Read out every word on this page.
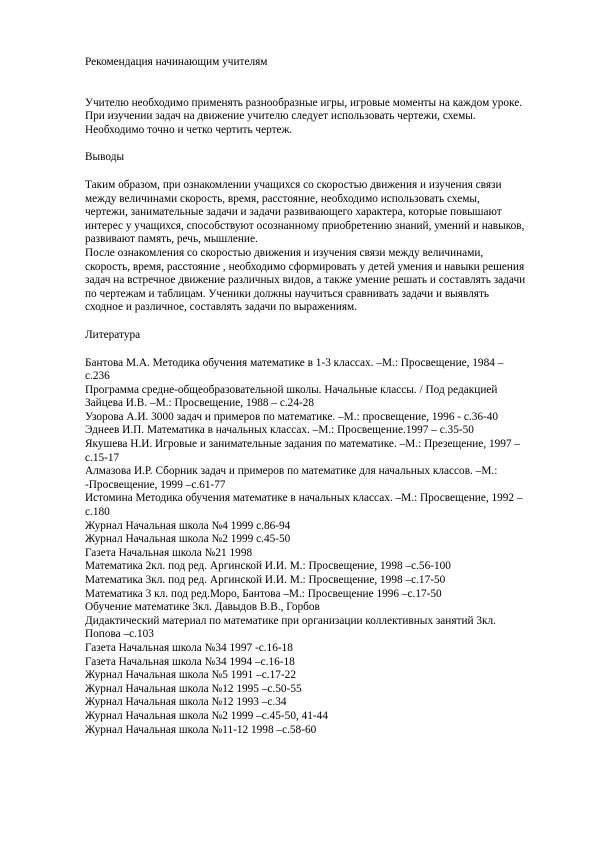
Рекомендация начинающим учителям

Учителю необходимо применять разнообразные игры, игровые моменты на каждом уроке.

При изучении задач на движение учителю следует использовать чертежи, схемы.

Необходимо точно и четко чертить чертеж.

Выводы

Таким образом, при ознакомлении учащихся со скоростью движения и изучения связи

между величинами скорость, время, расстояние, необходимо использовать схемы,

чертежи, занимательные задачи и задачи развивающего характера, которые повышают

интерес у учащихся, способствуют осознанному приобретению знаний, умений и навыков,

развивают память, речь, мышление.

После ознакомления со скоростью движения и изучения связи между величинами,

скорость, время, расстояние , необходимо сформировать у детей умения и навыки решения

задач на встречное движение различных видов, а также умение решать и составлять задачи

по чертежам и таблицам. Ученики должны научиться сравнивать задачи и выявлять

сходное и различное, составлять задачи по выражениям.

Литература

Бантова М.А. Методика обучения математике в 1-3 классах. –М.: Просвещение, 1984 –

с.236

Программа средне-общеобразовательной школы. Начальные классы. / Под редакцией

Зайцева И.В. –М.: Просвещение, 1988 – с.24-28

Узорова А.И. 3000 задач и примеров по математике. –М.: просвещение, 1996 - с.36-40

Эднеев И.П. Математика в начальных классах. –М.: Просвещение.1997 – с.35-50

Якушева Н.И. Игровые и занимательные задания по математике. –М.: Презещение, 1997 –

с.15-17

Алмазова И.Р. Сборник задач и примеров по математике для начальных классов. –М.:

-Просвещение, 1999 –с.61-77

Истомина Методика обучения математике в начальных классах. –М.: Просвещение, 1992 –

с.180

Журнал Начальная школа №4 1999 с.86-94

Журнал Начальная школа №2 1999 с.45-50

Газета Начальная школа №21 1998

Математика 2кл. под ред. Аргинской И.И. М.: Просвещение, 1998 –с.56-100

Математика 3кл. под ред. Аргинской И.И. М.: Просвещение, 1998 –с.17-50

Математика 3 кл. под ред.Моро, Бантова –М.: Просвещение 1996 –с.17-50

Обучение математике 3кл. Давыдов В.В., Горбов

Дидактический материал по математике при организации коллективных занятий 3кл.

Попова –с.103

Газета Начальная школа №34 1997 -с.16-18

Газета Начальная школа №34 1994 –с.16-18

Журнал Начальная школа №5 1991 –с.17-22

Журнал Начальная школа №12 1995 –с.50-55

Журнал Начальная школа №12 1993 –с.34

Журнал Начальная школа №2 1999 –с.45-50, 41-44

Журнал Начальная школа №11-12 1998 –с.58-60
